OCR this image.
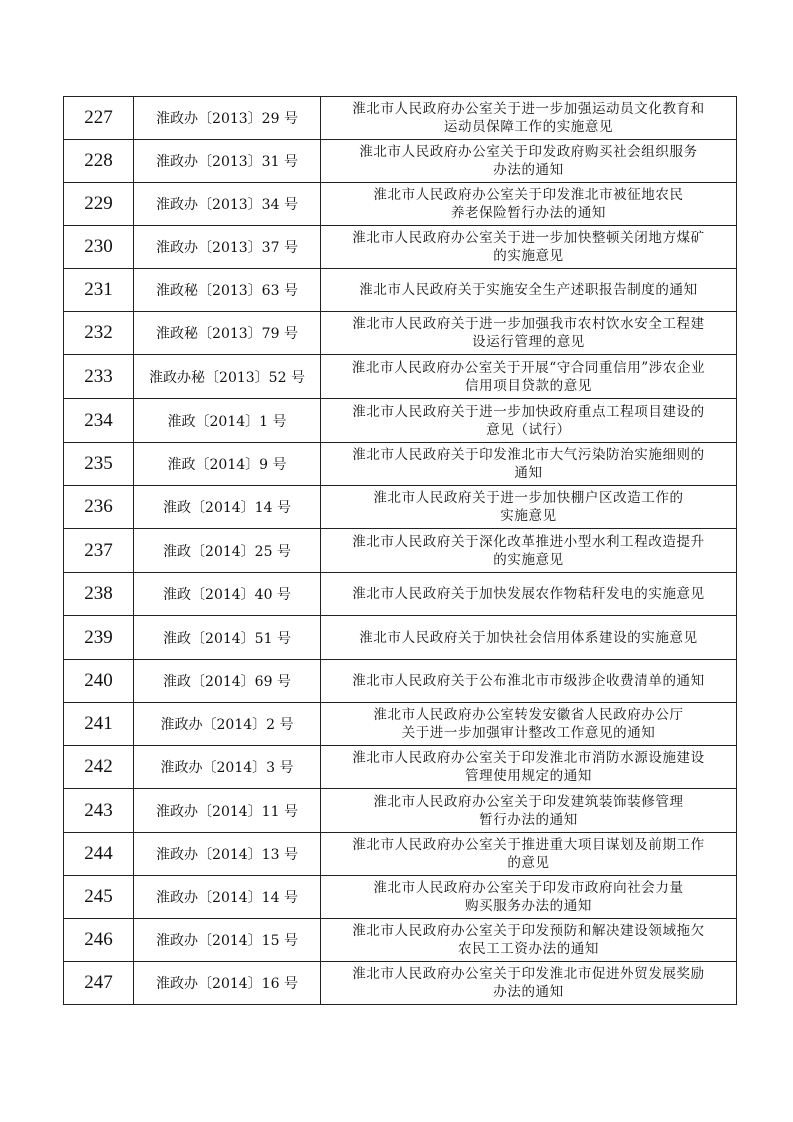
227	淮政办〔2013〕29 号	淮北市人民政府办公室关于进一步加强运动员文化教育和
运动员保障工作的实施意见

228	淮政办〔2013〕31 号	淮北市人民政府办公室关于印发政府购买社会组织服务
办法的通知

229	淮政办〔2013〕34 号	淮北市人民政府办公室关于印发淮北市被征地农民
养老保险暂行办法的通知

230	淮政办〔2013〕37 号	淮北市人民政府办公室关于进一步加快整顿关闭地方煤矿
的实施意见

231	淮政秘〔2013〕63 号	淮北市人民政府关于实施安全生产述职报告制度的通知

232	淮政秘〔2013〕79 号	淮北市人民政府关于进一步加强我市农村饮水安全工程建
设运行管理的意见

233	淮政办秘〔2013〕52 号	淮北市人民政府办公室关于开展“守合同重信用”涉农企业
信用项目贷款的意见

234	淮政〔2014〕1 号	淮北市人民政府关于进一步加快政府重点工程项目建设的
意见（试行）

235	淮政〔2014〕9 号	淮北市人民政府关于印发淮北市大气污染防治实施细则的
通知

236	淮政〔2014〕14 号	淮北市人民政府关于进一步加快棚户区改造工作的
实施意见

237	淮政〔2014〕25 号	淮北市人民政府关于深化改革推进小型水利工程改造提升
的实施意见

238	淮政〔2014〕40 号	淮北市人民政府关于加快发展农作物秸秆发电的实施意见

239	淮政〔2014〕51 号	淮北市人民政府关于加快社会信用体系建设的实施意见

240	淮政〔2014〕69 号	淮北市人民政府关于公布淮北市市级涉企收费清单的通知

241	淮政办〔2014〕2 号	淮北市人民政府办公室转发安徽省人民政府办公厅
关于进一步加强审计整改工作意见的通知

242	淮政办〔2014〕3 号	淮北市人民政府办公室关于印发淮北市消防水源设施建设
管理使用规定的通知

243	淮政办〔2014〕11 号	淮北市人民政府办公室关于印发建筑装饰装修管理
暂行办法的通知

244	淮政办〔2014〕13 号	淮北市人民政府办公室关于推进重大项目谋划及前期工作
的意见

245	淮政办〔2014〕14 号	淮北市人民政府办公室关于印发市政府向社会力量
购买服务办法的通知

246	淮政办〔2014〕15 号	淮北市人民政府办公室关于印发预防和解决建设领域拖欠
农民工工资办法的通知

247	淮政办〔2014〕16 号	淮北市人民政府办公室关于印发淮北市促进外贸发展奖励
办法的通知
